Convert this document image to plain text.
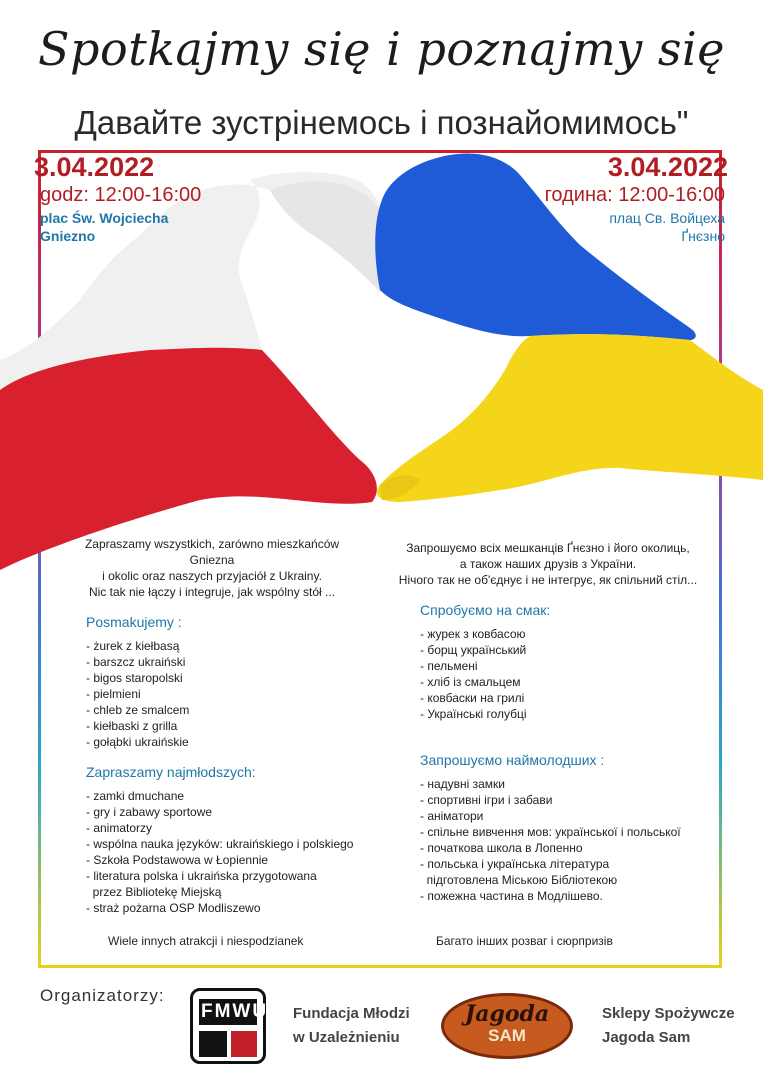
Spotkajmy się i poznajmy się
Давайте зустрінемось і познайомимось"
3.04.2022
godz: 12:00-16:00
plac Św. Wojciecha
Gniezno
3.04.2022
година: 12:00-16:00
плац Св. Войцеха
Ґнєзно
Zapraszamy wszystkich, zarówno mieszkańców Gniezna
i okolic oraz naszych przyjaciół z Ukrainy.
Nic tak nie łączy i integruje, jak wspólny stół ...
Posmakujemy :
- żurek z kiełbasą
- barszcz ukraiński
- bigos staropolski
- pielmieni
- chleb ze smalcem
- kiełbaski z grilla
- gołąbki ukraińskie
Zapraszamy najmłodszych:
- zamki dmuchane
- gry i zabawy sportowe
- animatorzy
- wspólna nauka języków: ukraińskiego i polskiego
- Szkoła Podstawowa w Łopiennie
- literatura polska i ukraińska przygotowana
przez Bibliotekę Miejską
- straż pożarna OSP Modliszewo
Wiele innych atrakcji i niespodzianek
Запрошуємо всіх мешканців Ґнєзно і його околиць,
а також наших друзів з України.
Нічого так не об'єднує і не інтегрує, як спільний стіл...
Спробуємо на смак:
- журек з ковбасою
- борщ український
- пельмені
- хліб із смальцем
- ковбаски на грилі
- Українські голубці
Запрошуємо наймолодших :
- надувні замки
- спортивні ігри і забави
- аніматори
- спільне вивчення мов: української і польської
- початкова школа в Лопенно
- польська і українська література
підготовлена Міською Бібліотекою
- пожежна частина в Модлішево.
Багато інших розваг і сюрпризів
Organizatorzy:
FMWU Fundacja Młodzi
w Uzależnieniu
Jagoda
SAM
Sklepy Spożywcze
Jagoda Sam
